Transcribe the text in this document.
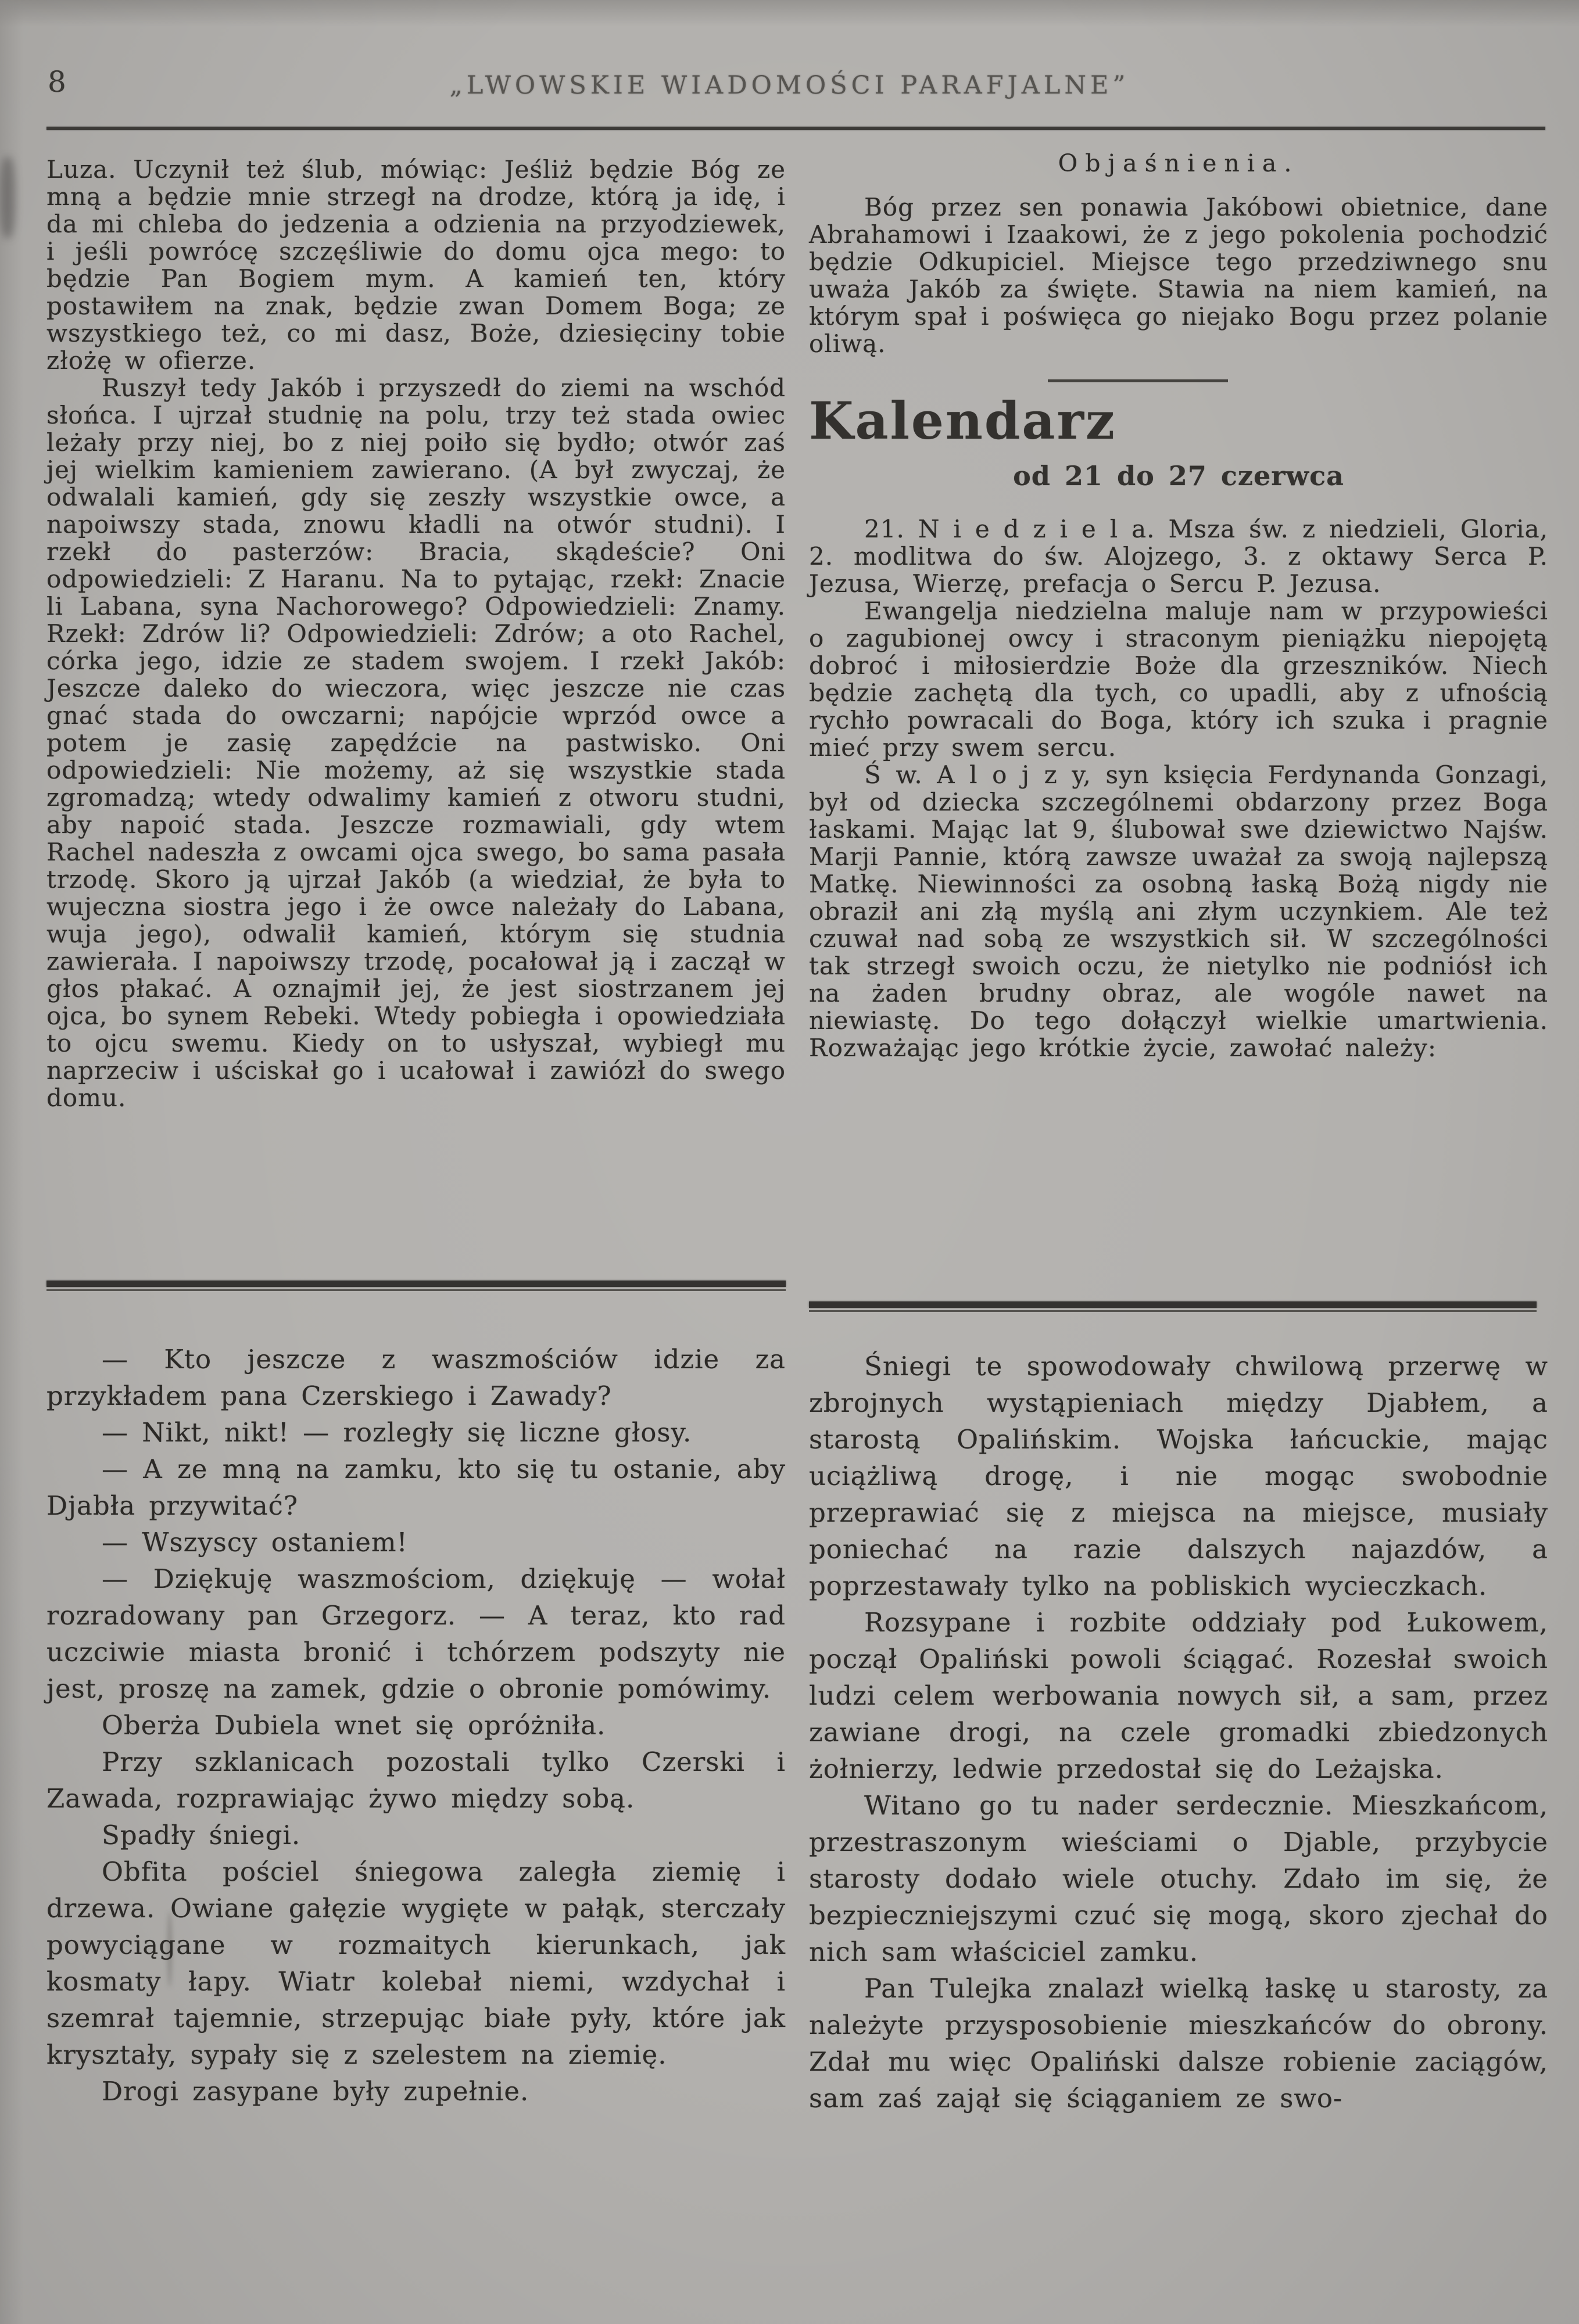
8	„LWOWSKIE WIADOMOŚCI PARAFJALNE”

Luza. Uczynił też ślub, mówiąc: Jeśliż będzie Bóg ze mną a będzie mnie strzegł na drodze, którą ja idę, i da mi chleba do jedzenia a odzienia na przyodziewek, i jeśli powrócę szczęśliwie do domu ojca mego: to będzie Pan Bogiem mym. A kamień ten, który postawiłem na znak, będzie zwan Domem Boga; ze wszystkiego też, co mi dasz, Boże, dziesięciny tobie złożę w ofierze.

Ruszył tedy Jakób i przyszedł do ziemi na wschód słońca. I ujrzał studnię na polu, trzy też stada owiec leżały przy niej, bo z niej poiło się bydło; otwór zaś jej wielkim kamieniem zawierano. (A był zwyczaj, że odwalali kamień, gdy się zeszły wszystkie owce, a napoiwszy stada, znowu kładli na otwór studni). I rzekł do pasterzów: Bracia, skądeście? Oni odpowiedzieli: Z Haranu. Na to pytając, rzekł: Znacie li Labana, syna Nachorowego? Odpowiedzieli: Znamy. Rzekł: Zdrów li? Odpowiedzieli: Zdrów; a oto Rachel, córka jego, idzie ze stadem swojem. I rzekł Jakób: Jeszcze daleko do wieczora, więc jeszcze nie czas gnać stada do owczarni; napójcie wprzód owce a potem je zasię zapędźcie na pastwisko. Oni odpowiedzieli: Nie możemy, aż się wszystkie stada zgromadzą; wtedy odwalimy kamień z otworu studni, aby napoić stada. Jeszcze rozmawiali, gdy wtem Rachel nadeszła z owcami ojca swego, bo sama pasała trzodę. Skoro ją ujrzał Jakób (a wiedział, że była to wujeczna siostra jego i że owce należały do Labana, wuja jego), odwalił kamień, którym się studnia zawierała. I napoiwszy trzodę, pocałował ją i zaczął w głos płakać. A oznajmił jej, że jest siostrzanem jej ojca, bo synem Rebeki. Wtedy pobiegła i opowiedziała to ojcu swemu. Kiedy on to usłyszał, wybiegł mu naprzeciw i uściskał go i ucałował i zawiózł do swego domu.

Objaśnienia.

Bóg przez sen ponawia Jakóbowi obietnice, dane Abrahamowi i Izaakowi, że z jego pokolenia pochodzić będzie Odkupiciel. Miejsce tego przedziwnego snu uważa Jakób za święte. Stawia na niem kamień, na którym spał i poświęca go niejako Bogu przez polanie oliwą.

Kalendarz
od 21 do 27 czerwca

21. N i e d z i e l a. Msza św. z niedzieli, Gloria, 2. modlitwa do św. Alojzego, 3. z oktawy Serca P. Jezusa, Wierzę, prefacja o Sercu P. Jezusa.

Ewangelja niedzielna maluje nam w przypowieści o zagubionej owcy i straconym pieniążku niepojętą dobroć i miłosierdzie Boże dla grzeszników. Niech będzie zachętą dla tych, co upadli, aby z ufnością rychło powracali do Boga, który ich szuka i pragnie mieć przy swem sercu.

Ś w. A l o j z y, syn księcia Ferdynanda Gonzagi, był od dziecka szczególnemi obdarzony przez Boga łaskami. Mając lat 9, ślubował swe dziewictwo Najśw. Marji Pannie, którą zawsze uważał za swoją najlepszą Matkę. Niewinności za osobną łaską Bożą nigdy nie obraził ani złą myślą ani złym uczynkiem. Ale też czuwał nad sobą ze wszystkich sił. W szczególności tak strzegł swoich oczu, że nietylko nie podniósł ich na żaden brudny obraz, ale wogóle nawet na niewiastę. Do tego dołączył wielkie umartwienia. Rozważając jego krótkie życie, zawołać należy:

— Kto jeszcze z waszmościów idzie za przykładem pana Czerskiego i Zawady?

— Nikt, nikt! — rozległy się liczne głosy.

— A ze mną na zamku, kto się tu ostanie, aby Djabła przywitać?

— Wszyscy ostaniem!

— Dziękuję waszmościom, dziękuję — wołał rozradowany pan Grzegorz. — A teraz, kto rad uczciwie miasta bronić i tchórzem podszyty nie jest, proszę na zamek, gdzie o obronie pomówimy.

Oberża Dubiela wnet się opróżniła.

Przy szklanicach pozostali tylko Czerski i Zawada, rozprawiając żywo między sobą.

Spadły śniegi.

Obfita pościel śniegowa zaległa ziemię i drzewa. Owiane gałęzie wygięte w pałąk, sterczały powyciągane w rozmaitych kierunkach, jak kosmaty łapy. Wiatr kolebał niemi, wzdychał i szemrał tajemnie, strzepując białe pyły, które jak kryształy, sypały się z szelestem na ziemię.

Drogi zasypane były zupełnie.

Śniegi te spowodowały chwilową przerwę w zbrojnych wystąpieniach między Djabłem, a starostą Opalińskim. Wojska łańcuckie, mając uciążliwą drogę, i nie mogąc swobodnie przeprawiać się z miejsca na miejsce, musiały poniechać na razie dalszych najazdów, a poprzestawały tylko na pobliskich wycieczkach.

Rozsypane i rozbite oddziały pod Łukowem, począł Opaliński powoli ściągać. Rozesłał swoich ludzi celem werbowania nowych sił, a sam, przez zawiane drogi, na czele gromadki zbiedzonych żołnierzy, ledwie przedostał się do Leżajska.

Witano go tu nader serdecznie. Mieszkańcom, przestraszonym wieściami o Djable, przybycie starosty dodało wiele otuchy. Zdało im się, że bezpieczniejszymi czuć się mogą, skoro zjechał do nich sam właściciel zamku.

Pan Tulejka znalazł wielką łaskę u starosty, za należyte przysposobienie mieszkańców do obrony. Zdał mu więc Opaliński dalsze robienie zaciągów, sam zaś zajął się ściąganiem ze swo-
